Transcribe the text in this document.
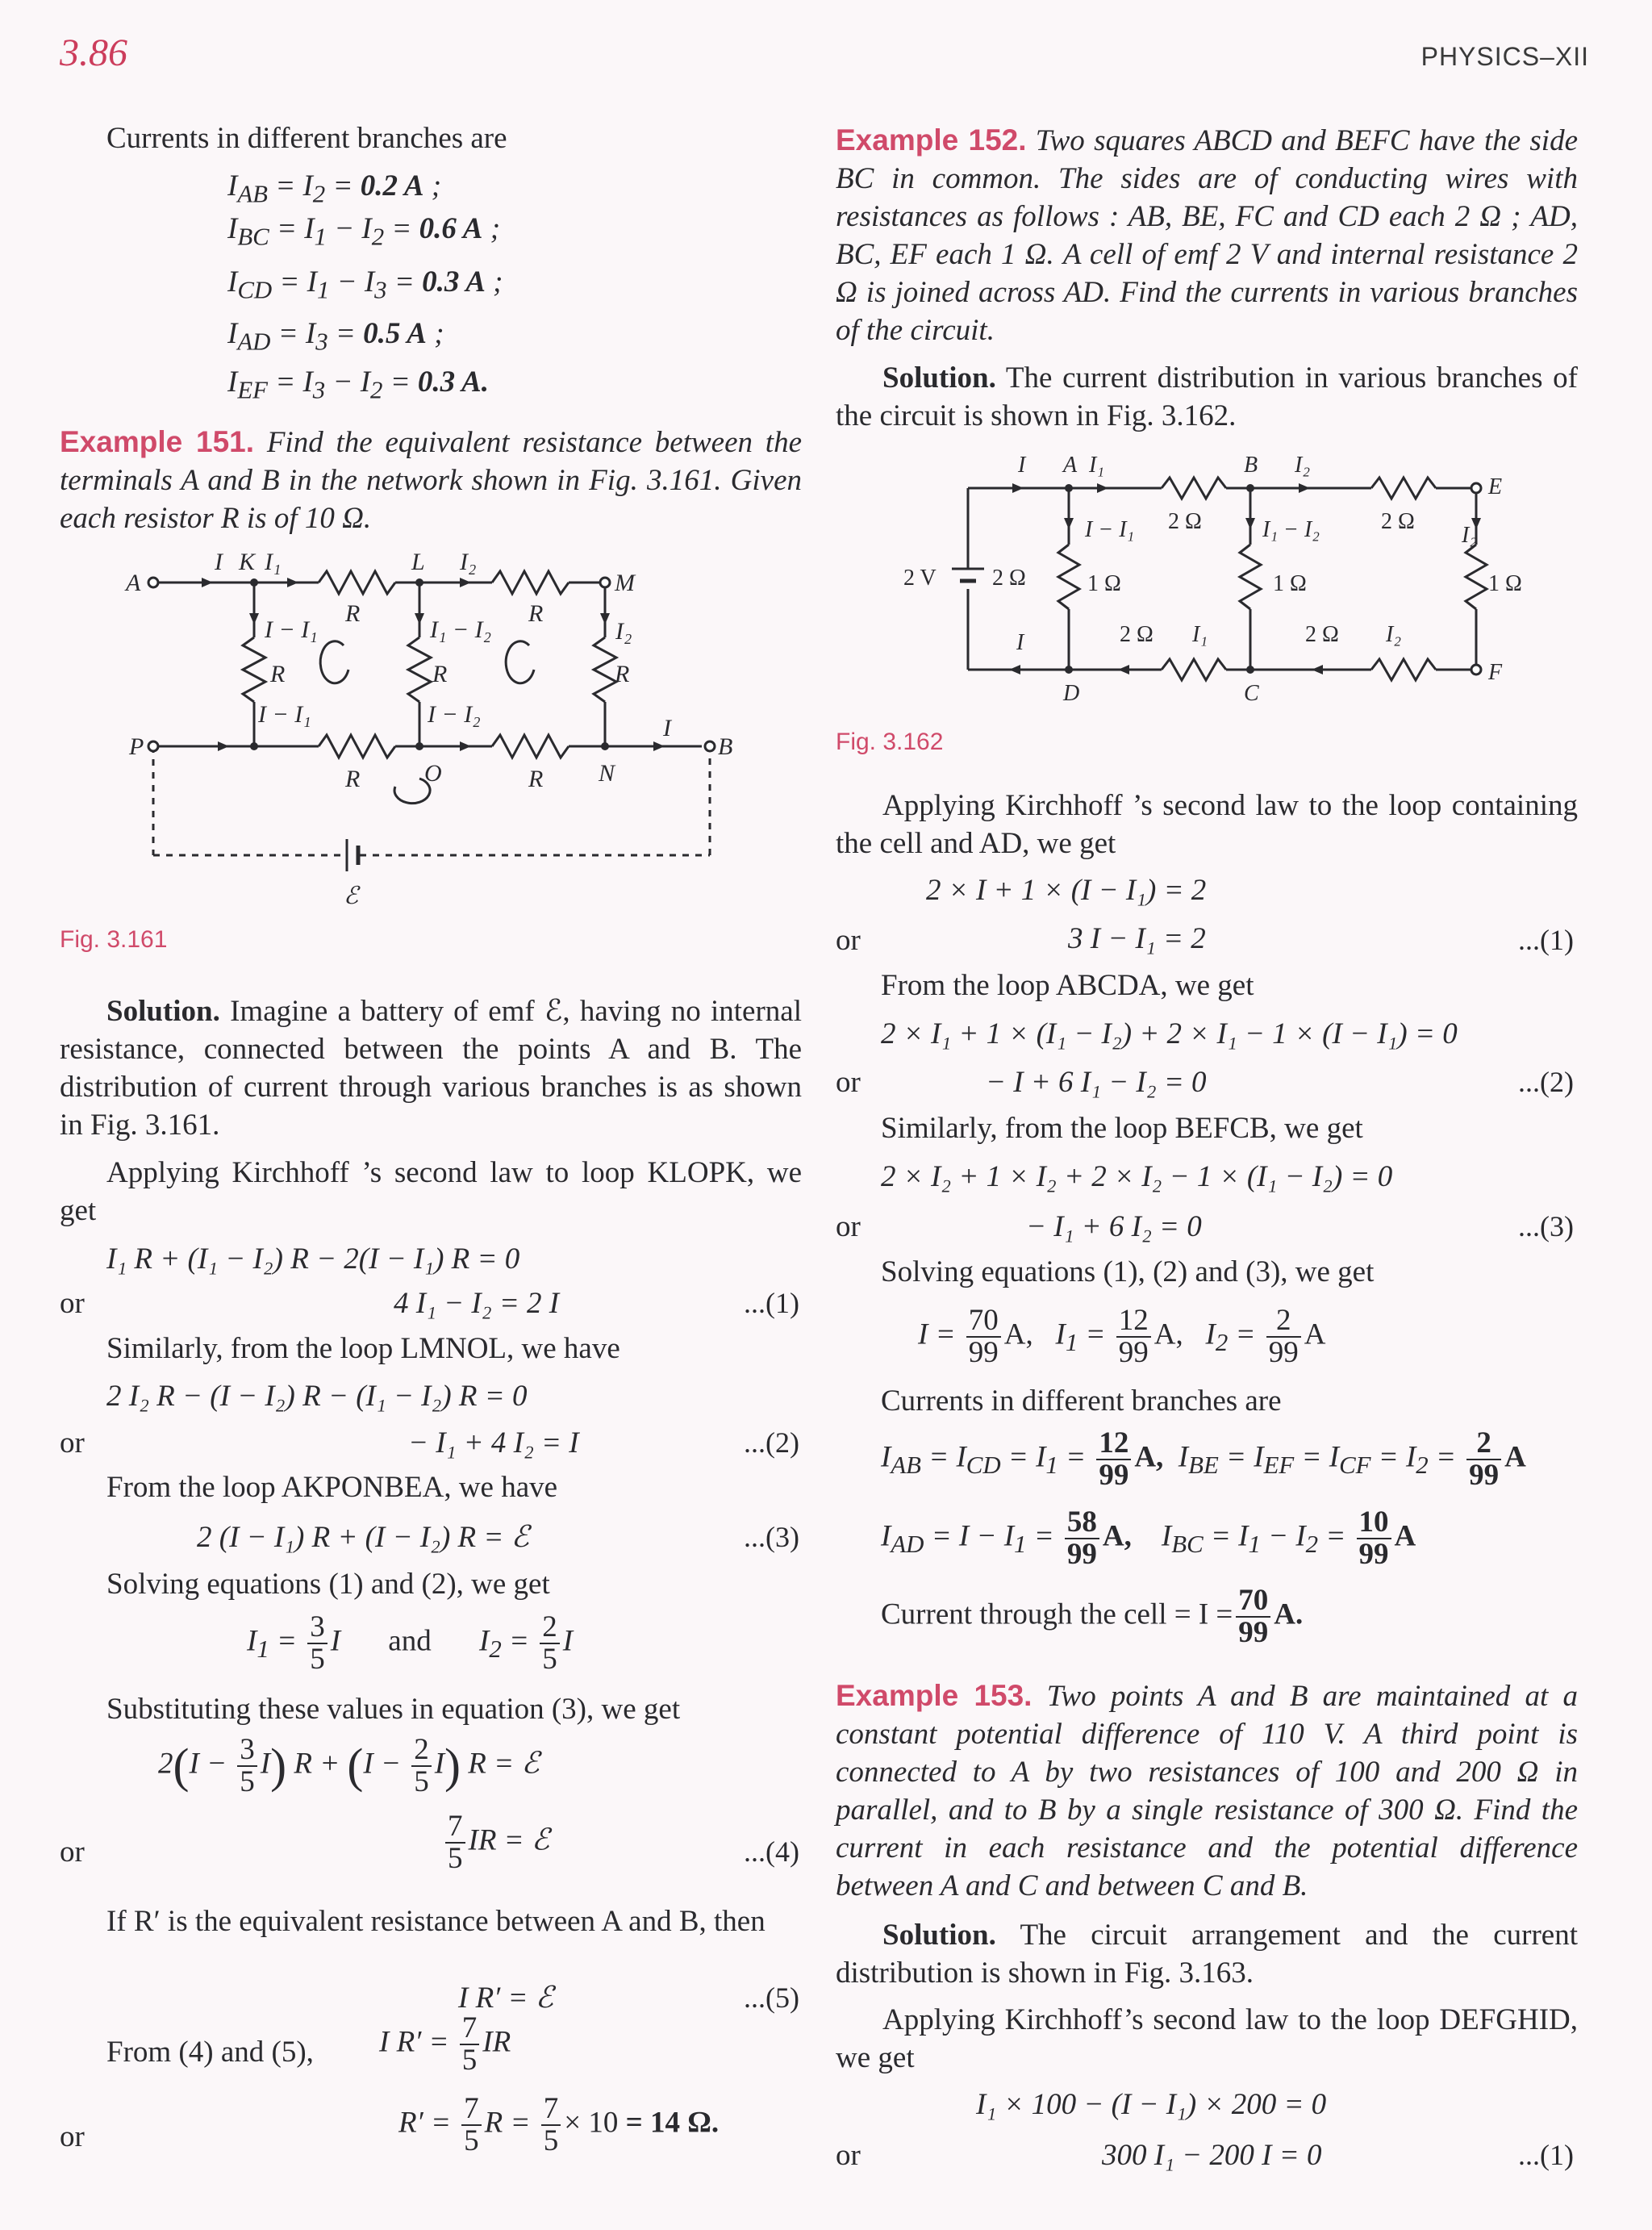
3.86	PHYSICS–XII
Currents in different branches are
$I_{AB} = I_2 = 0.2$ A ;
$I_{BC} = I_1 - I_2 = 0.6$ A ;
$I_{CD} = I_1 - I_3 = 0.3$ A ;
$I_{AD} = I_3 = 0.5$ A ;
$I_{EF} = I_3 - I_2 = 0.3$ A.
Example 151. Find the equivalent resistance between the terminals A and B in the network shown in Fig. 3.161. Given each resistor R is of 10 Ω.
A
I K I₁	L I₂
M
R	R
I − I₁	I₁ − I₂	I₂
R	R	R
I − I₁	I − I₂
P
I
B
R	O	R N
ℰ
Fig. 3.161
Solution. Imagine a battery of emf ℰ, having no internal resistance, connected between the points A and B. The distribution of current through various branches is as shown in Fig. 3.161.
Applying Kirchhoff ’s second law to loop KLOPK, we get
I₁ R + (I₁ − I₂) R − 2(I − I₁) R = 0
or	4 I₁ − I₂ = 2 I	...(1)
Similarly, from the loop LMNOL, we have
2 I₂ R − (I − I₂) R − (I₁ − I₂) R = 0
or	− I₁ + 4 I₂ = I	...(2)
From the loop AKPONBEA, we have
2 (I − I₁) R + (I − I₂) R = ℰ	...(3)
Solving equations (1) and (2), we get
$I_1 = \frac{3}{5}$ I and $I_2 = \frac{2}{5}$ I
Substituting these values in equation (3), we get
$2(I - \frac{3}{5} I)$ $R + (I - \frac{2}{5} I)$ R = ℰ
or	$\frac{7}{5}$ IR = ℰ	...(4)
If R′ is the equivalent resistance between A and B, then
I R′ = ℰ	...(5)
From (4) and (5), I $R' = \frac{7}{5}$ IR
or	$R' = \frac{7}{5}$ $R = \frac{7}{5} \times 10 = 14$ Ω.
Example 152. Two squares ABCD and BEFC have the side BC in common. The sides are of conducting wires with resistances as follows : AB, BE, FC and CD each 2 Ω ; AD, BC, EF each 1 Ω. A cell of emf 2 V and internal resistance 2 Ω is joined across AD. Find the currents in various branches of the circuit.
Solution. The current distribution in various branches of the circuit is shown in Fig. 3.162.
I A I₁	B I₂
E
I − I₁ 2 Ω	I₁ − I₂	2 Ω
I₂
2 V 2 Ω	1 Ω	1 Ω	1 Ω
I	2 Ω I₁	2 Ω I₂
D	C
F
Fig. 3.162
Applying Kirchhoff ’s second law to the loop containing the cell and AD, we get
2 × I + 1 × (I − I₁) = 2
or	3 I − I₁ = 2	...(1)
From the loop ABCDA, we get
2 × I₁ + 1 × (I₁ − I₂) + 2 × I₁ − 1 × (I − I₁) = 0
or	− I + 6 I₁ − I₂ = 0	...(2)
Similarly, from the loop BEFCB, we get
2 × I₂ + 1 × I₂ + 2 × I₂ − 1 × (I₁ − I₂) = 0
or	− I₁ + 6 I₂ = 0	...(3)
Solving equations (1), (2) and (3), we get
$I = \frac{70}{99} A$, $I_1 = \frac{12}{99} A$, $I_2 = \frac{2}{99}$ A
Currents in different branches are
$I_{AB} = I_{CD} = I_1 = \frac{12}{99} A$, $I_{BE} = I_{EF} = I_{CF} = I_2 = \frac{2}{99}$ A
$I_{AD} = I - I_1 = \frac{58}{99} A$, $I_{BC} = I_1 - I_2 = \frac{10}{99}$ A
Current through the cell = $I = \frac{70}{99} A$.
Example 153. Two points A and B are maintained at a constant potential difference of 110 V. A third point is connected to A by two resistances of 100 and 200 Ω in parallel, and to B by a single resistance of 300 Ω. Find the current in each resistance and the potential difference between A and C and between C and B.
Solution. The circuit arrangement and the current distribution is shown in Fig. 3.163.
Applying Kirchhoff’s second law to the loop DEFGHID, we get
I₁ × 100 − (I − I₁) × 200 = 0
or	300 I₁ − 200 I = 0	...(1)
